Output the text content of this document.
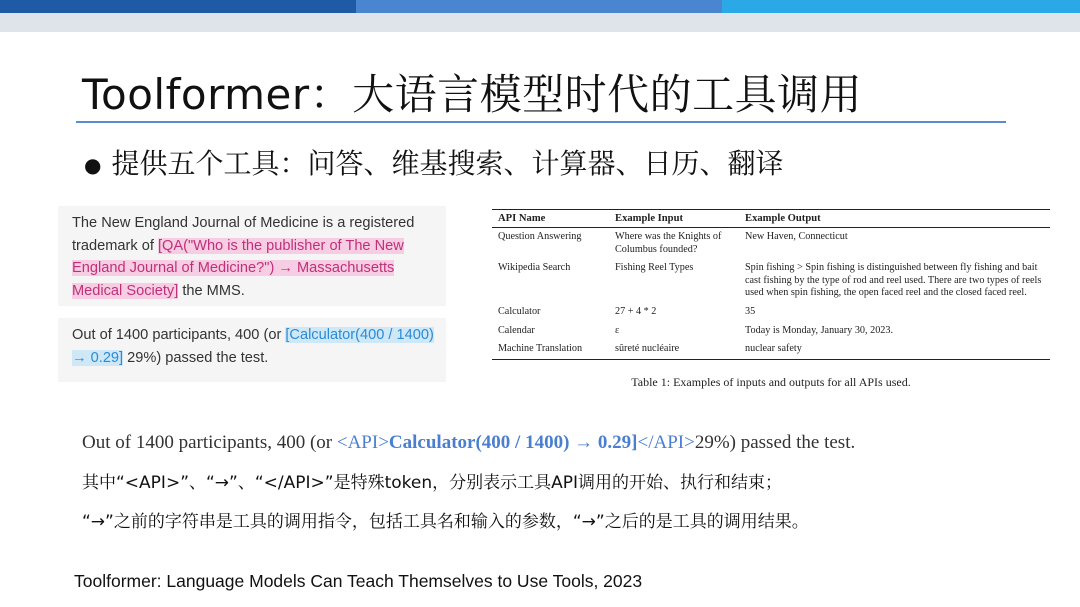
Toolformer：大语言模型时代的工具调用
● 提供五个工具：问答、维基搜索、计算器、日历、翻译
The New England Journal of Medicine is a registered trademark of [QA("Who is the publisher of The New England Journal of Medicine?") → Massachusetts Medical Society] the MMS.
Out of 1400 participants, 400 (or [Calculator(400 / 1400) → 0.29] 29%) passed the test.
API Name	Example Input	Example Output
Question Answering	Where was the Knights of Columbus founded?	New Haven, Connecticut
Wikipedia Search	Fishing Reel Types	Spin fishing > Spin fishing is distinguished between fly fishing and bait cast fishing by the type of rod and reel used. There are two types of reels used when spin fishing, the open faced reel and the closed faced reel.
Calculator	27 + 4 * 2	35
Calendar	ε	Today is Monday, January 30, 2023.
Machine Translation	sûreté nucléaire	nuclear safety
Table 1: Examples of inputs and outputs for all APIs used.
Out of 1400 participants, 400 (or <API>Calculator(400 / 1400) → 0.29]</API>29%) passed the test.
其中“<API>”、“→”、“</API>”是特殊token，分别表示工具API调用的开始、执行和结束；
“→”之前的字符串是工具的调用指令，包括工具名和输入的参数，“→”之后的是工具的调用结果。
Toolformer: Language Models Can Teach Themselves to Use Tools, 2023
